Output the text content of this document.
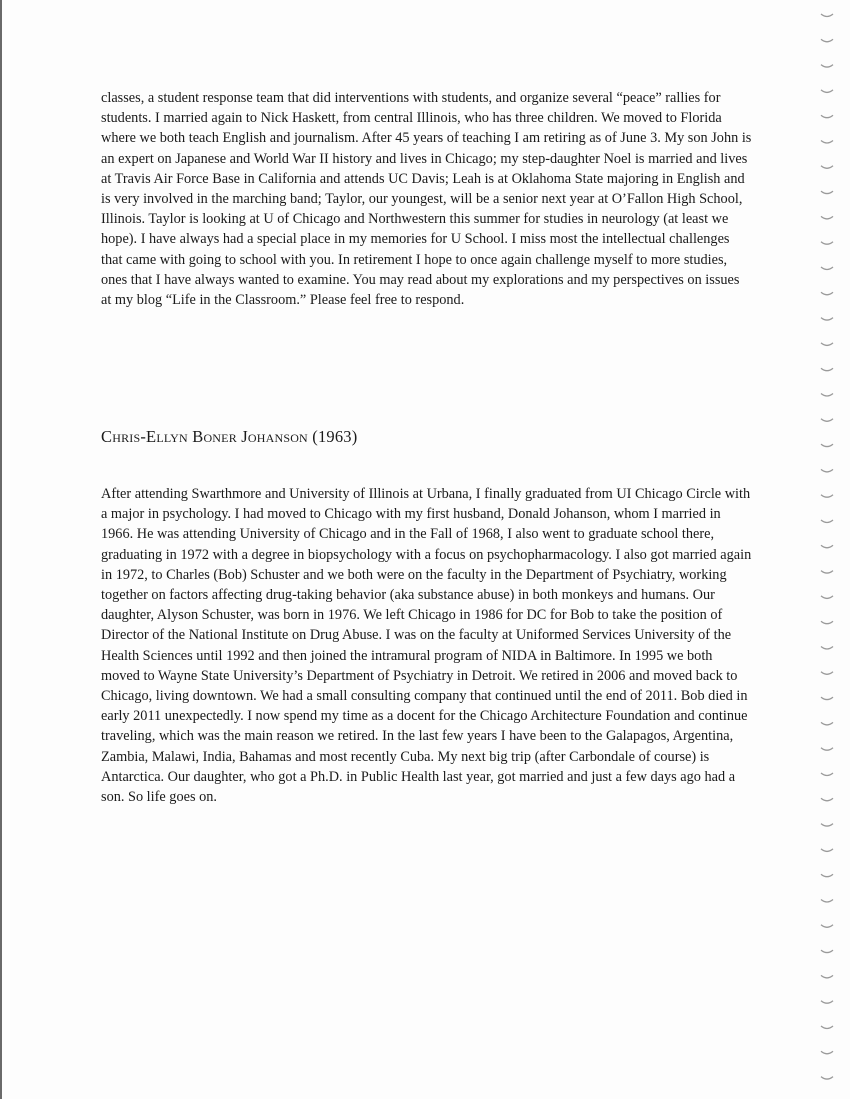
classes, a student response team that did interventions with students, and organize several “peace” rallies for students. I married again to Nick Haskett, from central Illinois, who has three children. We moved to Florida where we both teach English and journalism. After 45 years of teaching I am retiring as of June 3. My son John is an expert on Japanese and World War II history and lives in Chicago; my step-daughter Noel is married and lives at Travis Air Force Base in California and attends UC Davis; Leah is at Oklahoma State majoring in English and is very involved in the marching band; Taylor, our youngest, will be a senior next year at O’Fallon High School, Illinois. Taylor is looking at U of Chicago and Northwestern this summer for studies in neurology (at least we hope). I have always had a special place in my memories for U School. I miss most the intellectual challenges that came with going to school with you. In retirement I hope to once again challenge myself to more studies, ones that I have always wanted to examine. You may read about my explorations and my perspectives on issues at my blog “Life in the Classroom.” Please feel free to respond.

Chris-Ellyn Boner Johanson (1963)

After attending Swarthmore and University of Illinois at Urbana, I finally graduated from UI Chicago Circle with a major in psychology. I had moved to Chicago with my first husband, Donald Johanson, whom I married in 1966. He was attending University of Chicago and in the Fall of 1968, I also went to graduate school there, graduating in 1972 with a degree in biopsychology with a focus on psychopharmacology. I also got married again in 1972, to Charles (Bob) Schuster and we both were on the faculty in the Department of Psychiatry, working together on factors affecting drug-taking behavior (aka substance abuse) in both monkeys and humans. Our daughter, Alyson Schuster, was born in 1976. We left Chicago in 1986 for DC for Bob to take the position of Director of the National Institute on Drug Abuse. I was on the faculty at Uniformed Services University of the Health Sciences until 1992 and then joined the intramural program of NIDA in Baltimore. In 1995 we both moved to Wayne State University’s Department of Psychiatry in Detroit. We retired in 2006 and moved back to Chicago, living downtown. We had a small consulting company that continued until the end of 2011. Bob died in early 2011 unexpectedly. I now spend my time as a docent for the Chicago Architecture Foundation and continue traveling, which was the main reason we retired. In the last few years I have been to the Galapagos, Argentina, Zambia, Malawi, India, Bahamas and most recently Cuba. My next big trip (after Carbondale of course) is Antarctica. Our daughter, who got a Ph.D. in Public Health last year, got married and just a few days ago had a son. So life goes on.
